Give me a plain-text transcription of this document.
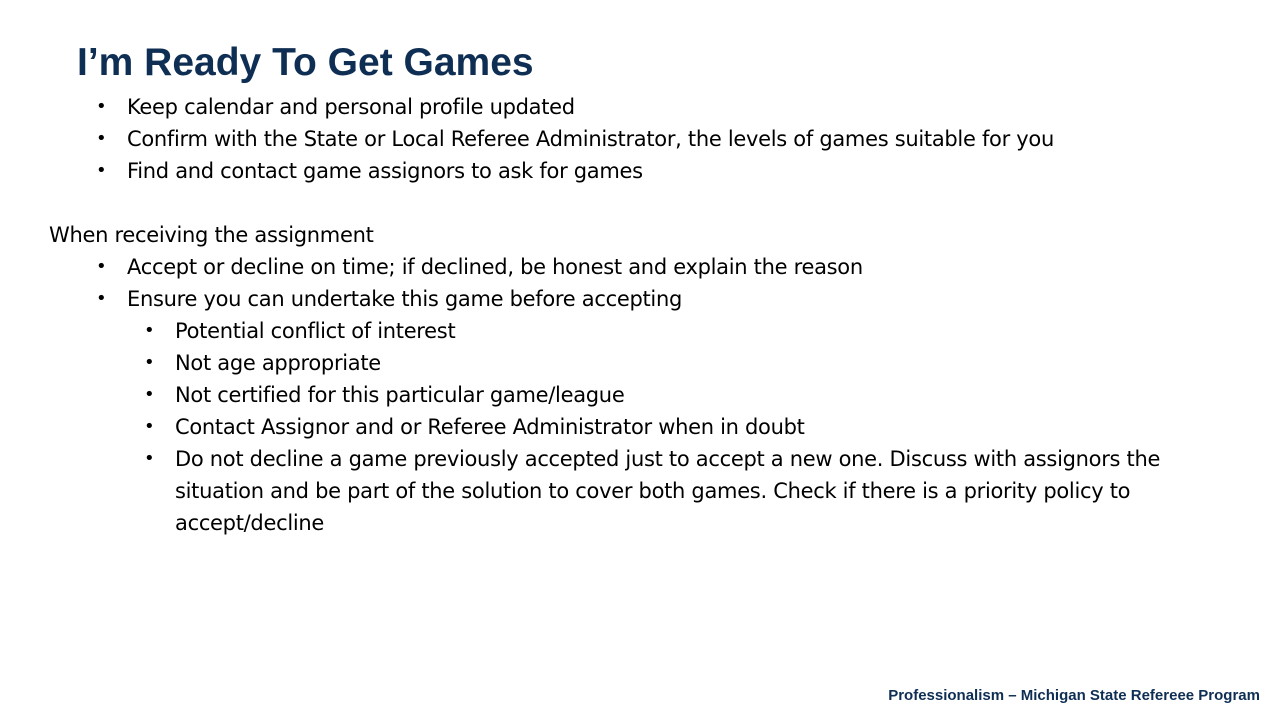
I’m Ready To Get Games
• Keep calendar and personal profile updated
• Confirm with the State or Local Referee Administrator, the levels of games suitable for you
• Find and contact game assignors to ask for games

When receiving the assignment

• Accept or decline on time; if declined, be honest and explain the reason
• Ensure you can undertake this game before accepting
• Potential conflict of interest
• Not age appropriate
• Not certified for this particular game/league
• Contact Assignor and or Referee Administrator when in doubt
• Do not decline a game previously accepted just to accept a new one. Discuss with assignors the situation and be part of the solution to cover both games. Check if there is a priority policy to accept/decline
Professionalism – Michigan State Refereee Program
